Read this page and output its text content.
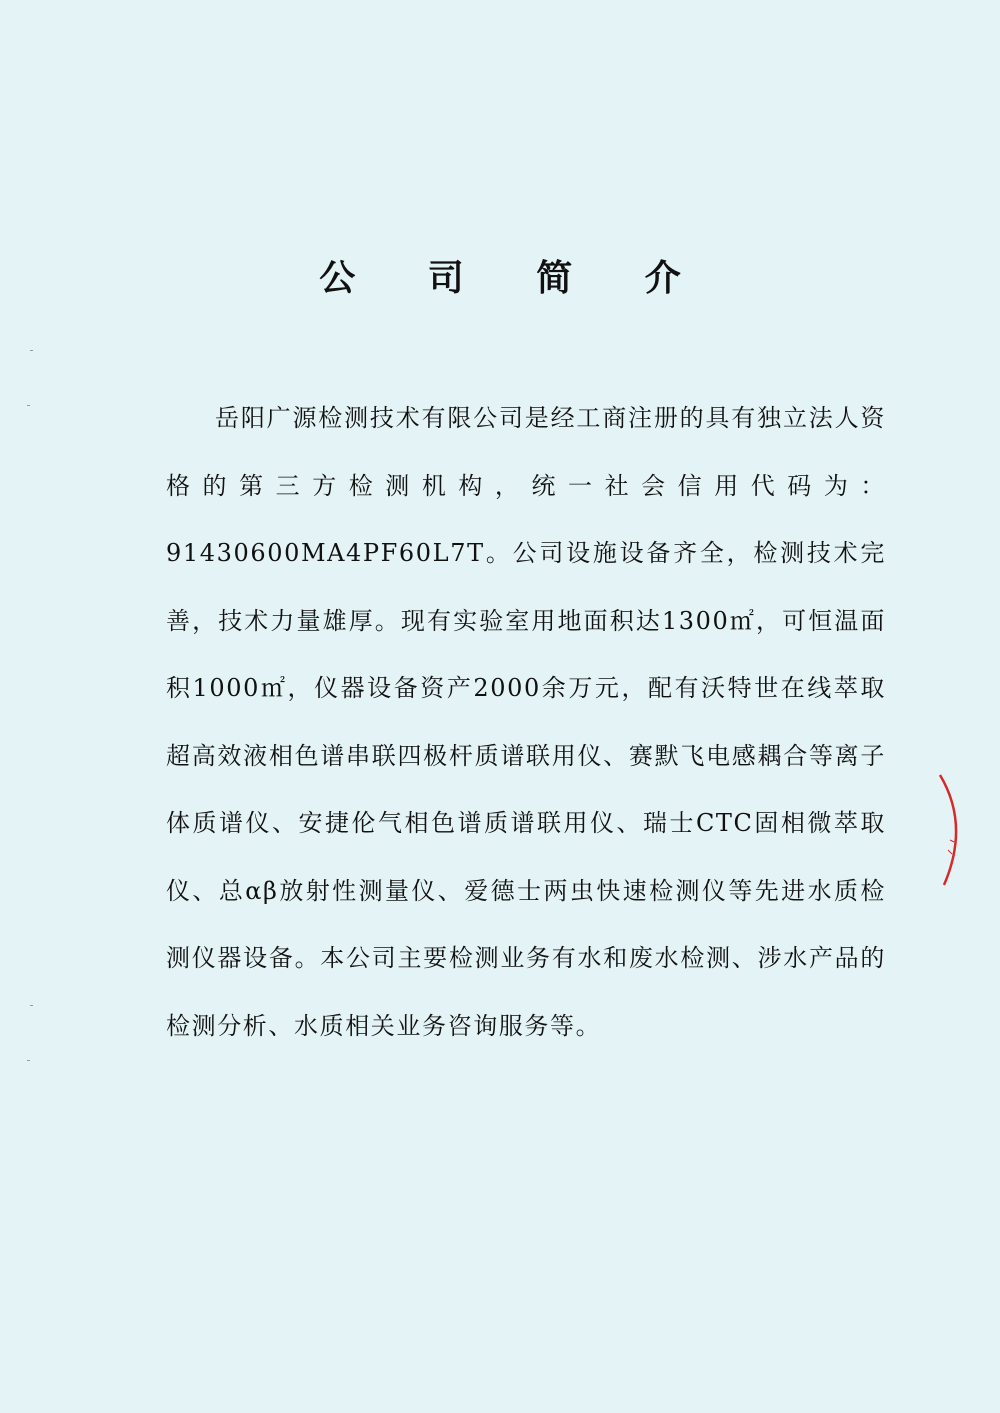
公 司 简 介

岳阳广源检测技术有限公司是经工商注册的具有独立法人资格的第三方检测机构，统一社会信用代码为：91430600MA4PF60L7T。公司设施设备齐全，检测技术完善，技术力量雄厚。现有实验室用地面积达1300㎡，可恒温面积1000㎡，仪器设备资产2000余万元，配有沃特世在线萃取超高效液相色谱串联四极杆质谱联用仪、赛默飞电感耦合等离子体质谱仪、安捷伦气相色谱质谱联用仪、瑞士CTC固相微萃取仪、总αβ放射性测量仪、爱德士两虫快速检测仪等先进水质检测仪器设备。本公司主要检测业务有水和废水检测、涉水产品的检测分析、水质相关业务咨询服务等。
